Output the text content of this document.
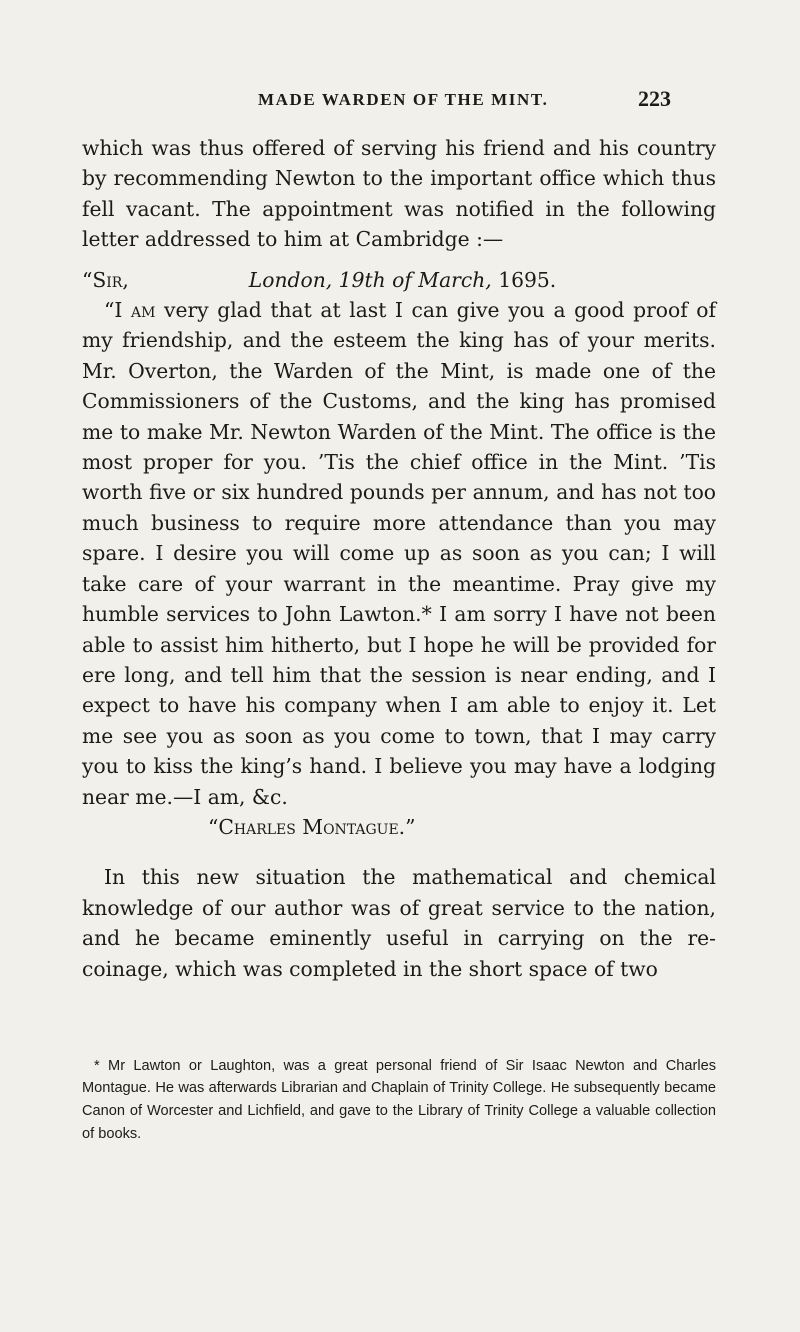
MADE WARDEN OF THE MINT.	223

which was thus offered of serving his friend and his country by recommending Newton to the important office which thus fell vacant. The appointment was notified in the following letter addressed to him at Cambridge :—

“Sir,	London, 19th of March, 1695.

“I am very glad that at last I can give you a good proof of my friendship, and the esteem the king has of your merits. Mr. Overton, the Warden of the Mint, is made one of the Commissioners of the Customs, and the king has promised me to make Mr. Newton Warden of the Mint. The office is the most proper for you. ’Tis the chief office in the Mint. ’Tis worth five or six hundred pounds per annum, and has not too much business to require more attendance than you may spare. I desire you will come up as soon as you can; I will take care of your warrant in the meantime. Pray give my humble services to John Lawton.* I am sorry I have not been able to assist him hitherto, but I hope he will be provided for ere long, and tell him that the session is near ending, and I expect to have his company when I am able to enjoy it. Let me see you as soon as you come to town, that I may carry you to kiss the king’s hand. I believe you may have a lodging near me.—I am, &c.

“Charles Montague.”

In this new situation the mathematical and chemical knowledge of our author was of great service to the nation, and he became eminently useful in carrying on the re-coinage, which was completed in the short space of two

* Mr Lawton or Laughton, was a great personal friend of Sir Isaac Newton and Charles Montague. He was afterwards Librarian and Chaplain of Trinity College. He subsequently became Canon of Worcester and Lichfield, and gave to the Library of Trinity College a valuable collection of books.
